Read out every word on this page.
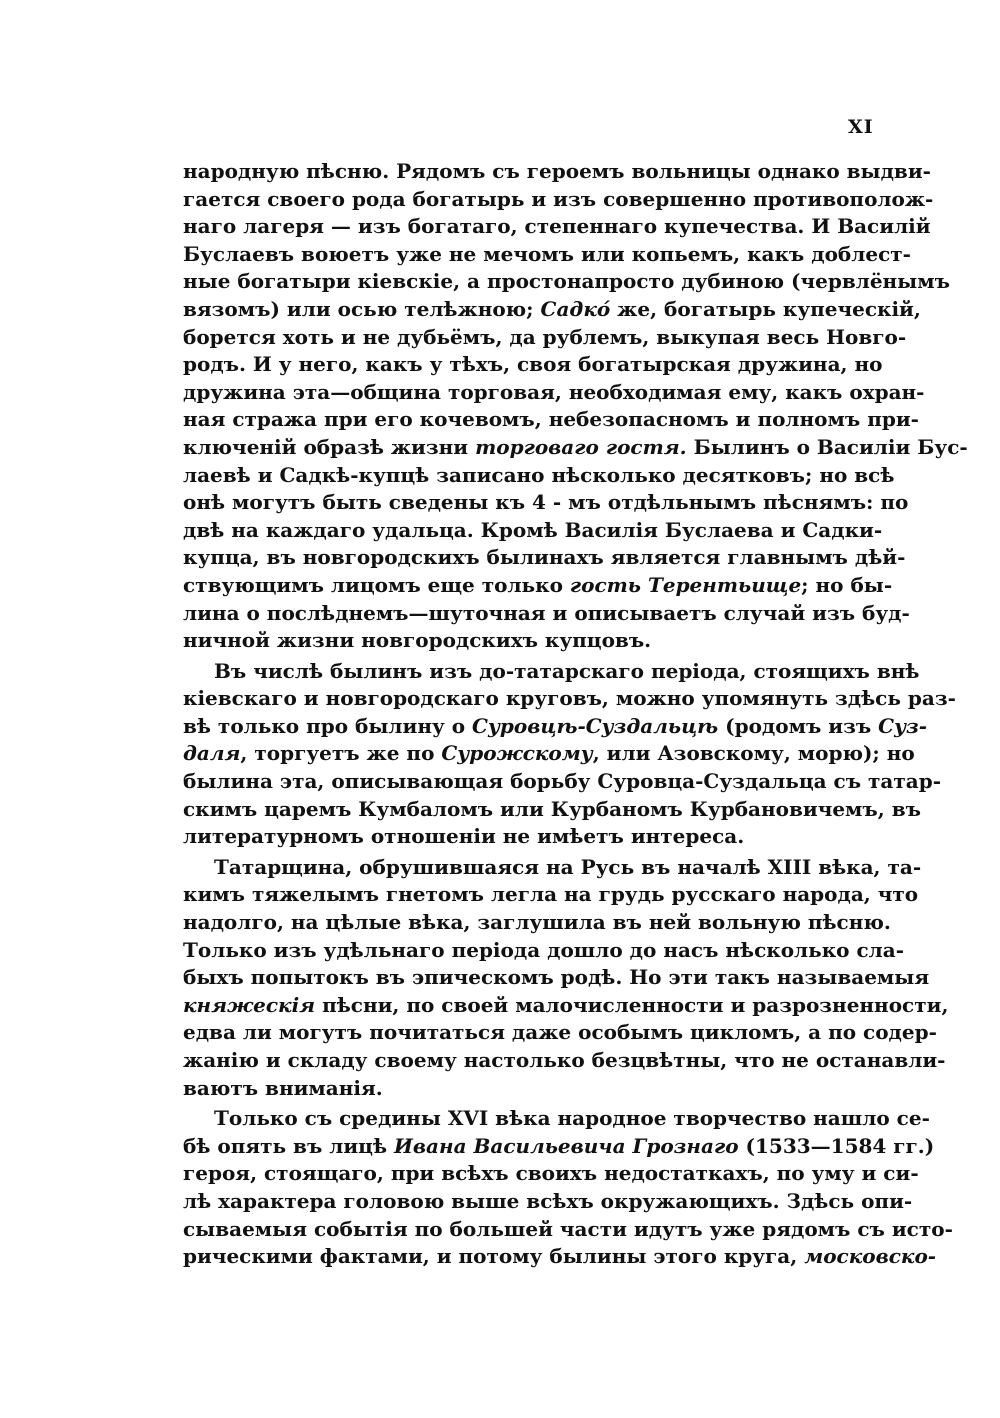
XI
народную пѣсню. Рядомъ съ героемъ вольницы однако выдви-
гается своего рода богатырь и изъ совершенно противополож-
наго лагеря — изъ богатаго, степеннаго купечества. И Василій
Буслаевъ воюетъ уже не мечомъ или копьемъ, какъ доблест-
ные богатыри кіевскіе, а простонапросто дубиною (червлёнымъ
вязомъ) или осью телѣжною; Садко́ же, богатырь купеческій,
борется хоть и не дубьёмъ, да рублемъ, выкупая весь Новго-
родъ. И у него, какъ у тѣхъ, своя богатырская дружина, но
дружина эта—община торговая, необходимая ему, какъ охран-
ная стража при его кочевомъ, небезопасномъ и полномъ при-
ключеній образѣ жизни торговаго гостя. Былинъ о Василіи Бус-
лаевѣ и Садкѣ-купцѣ записано нѣсколько десятковъ; но всѣ
онѣ могутъ быть сведены къ 4 - мъ отдѣльнымъ пѣснямъ: по
двѣ на каждаго удальца. Кромѣ Василія Буслаева и Садки-
купца, въ новгородскихъ былинахъ является главнымъ дѣй-
ствующимъ лицомъ еще только гость Терентьище; но бы-
лина о послѣднемъ—шуточная и описываетъ случай изъ буд-
ничной жизни новгородскихъ купцовъ.
Въ числѣ былинъ изъ до-татарскаго періода, стоящихъ внѣ
кіевскаго и новгородскаго круговъ, можно упомянуть здѣсь раз-
вѣ только про былину о Суровцѣ-Суздальцѣ (родомъ изъ Суз-
даля, торгуетъ же по Сурожскому, или Азовскому, морю); но
былина эта, описывающая борьбу Суровца-Суздальца съ татар-
скимъ царемъ Кумбаломъ или Курбаномъ Курбановичемъ, въ
литературномъ отношеніи не имѣетъ интереса.
Татарщина, обрушившаяся на Русь въ началѣ XIII вѣка, та-
кимъ тяжелымъ гнетомъ легла на грудь русскаго народа, что
надолго, на цѣлые вѣка, заглушила въ ней вольную пѣсню.
Только изъ удѣльнаго періода дошло до насъ нѣсколько сла-
быхъ попытокъ въ эпическомъ родѣ. Но эти такъ называемыя
княжескія пѣсни, по своей малочисленности и разрозненности,
едва ли могутъ почитаться даже особымъ цикломъ, а по содер-
жанію и складу своему настолько безцвѣтны, что не останавли-
ваютъ вниманія.
Только съ средины XVI вѣка народное творчество нашло се-
бѣ опять въ лицѣ Ивана Васильевича Грознаго (1533—1584 гг.)
героя, стоящаго, при всѣхъ своихъ недостаткахъ, по уму и си-
лѣ характера головою выше всѣхъ окружающихъ. Здѣсь опи-
сываемыя событія по большей части идутъ уже рядомъ съ исто-
рическими фактами, и потому былины этого круга, московско-
